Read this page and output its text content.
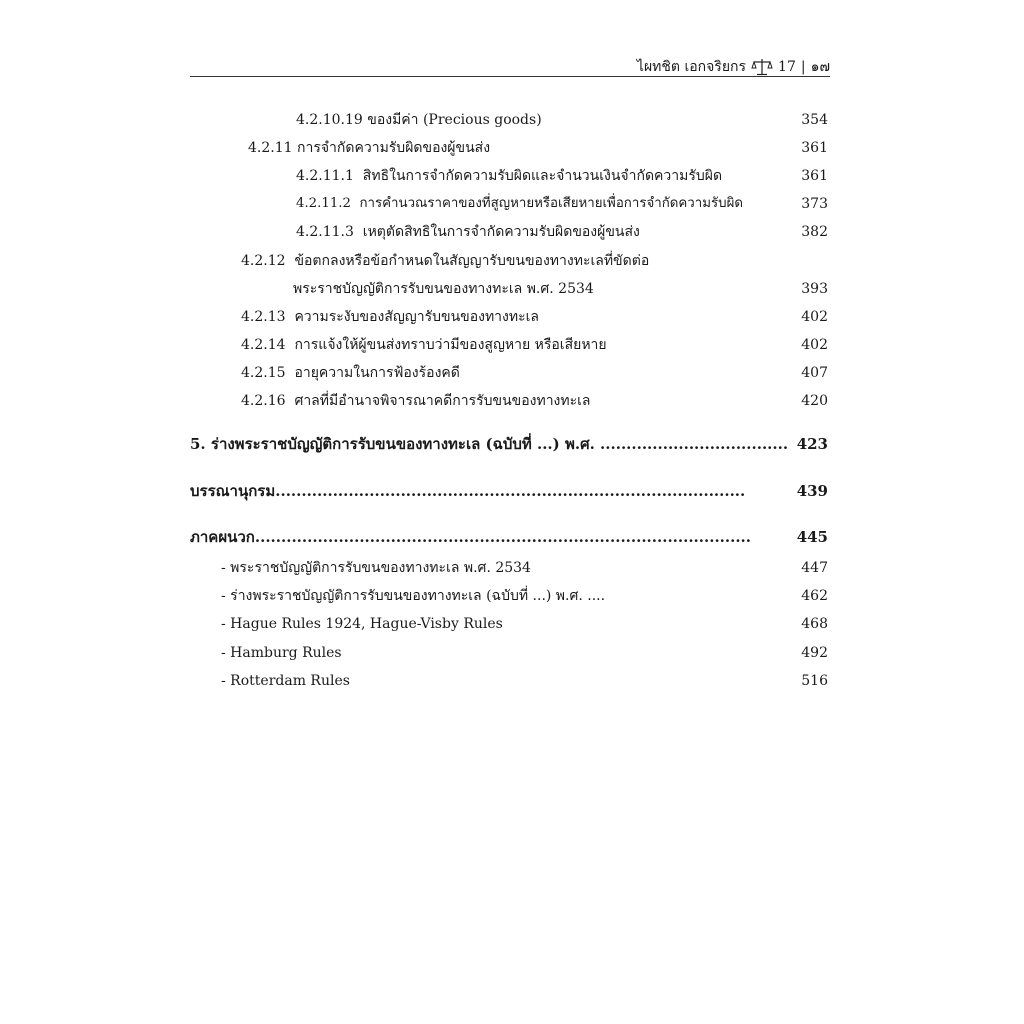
ไผทชิต เอกจริยกร 17 | ๑๗
4.2.10.19 ของมีค่า (Precious goods)	354
4.2.11 การจำกัดความรับผิดของผู้ขนส่ง	361
4.2.11.1 สิทธิในการจำกัดความรับผิดและจำนวนเงินจำกัดความรับผิด	361
4.2.11.2 การคำนวณราคาของที่สูญหายหรือเสียหายเพื่อการจำกัดความรับผิด	373
4.2.11.3 เหตุตัดสิทธิในการจำกัดความรับผิดของผู้ขนส่ง	382
4.2.12 ข้อตกลงหรือข้อกำหนดในสัญญารับขนของทางทะเลที่ขัดต่อ
พระราชบัญญัติการรับขนของทางทะเล พ.ศ. 2534	393
4.2.13 ความระงับของสัญญารับขนของทางทะเล	402
4.2.14 การแจ้งให้ผู้ขนส่งทราบว่ามีของสูญหาย หรือเสียหาย	402
4.2.15 อายุความในการฟ้องร้องคดี	407
4.2.16 ศาลที่มีอำนาจพิจารณาคดีการรับขนของทางทะเล	420
5. ร่างพระราชบัญญัติการรับขนของทางทะเล (ฉบับที่ ...) พ.ศ. .................................... 423
บรรณานุกรม..........................................................................................	439
ภาคผนวก...............................................................................................	445
- พระราชบัญญัติการรับขนของทางทะเล พ.ศ. 2534	447
- ร่างพระราชบัญญัติการรับขนของทางทะเล (ฉบับที่ ...) พ.ศ. ....	462
- Hague Rules 1924, Hague-Visby Rules	468
- Hamburg Rules	492
- Rotterdam Rules	516
